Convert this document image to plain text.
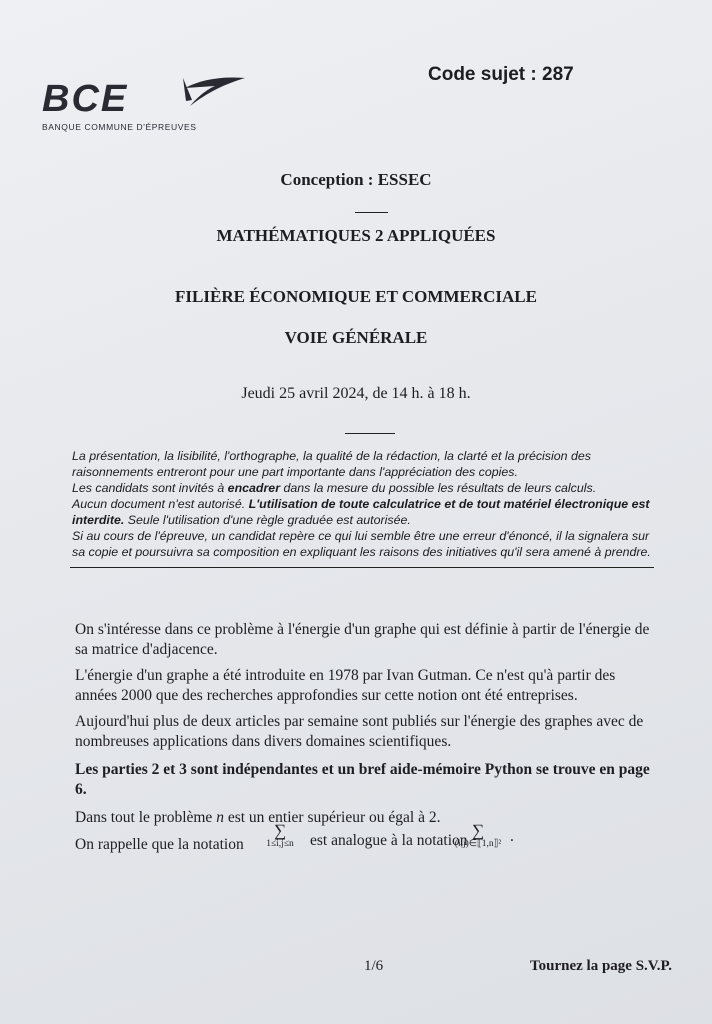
BCE
BANQUE COMMUNE D'ÉPREUVES
Code sujet : 287
Conception : ESSEC
MATHÉMATIQUES 2 APPLIQUÉES
FILIÈRE ÉCONOMIQUE ET COMMERCIALE
VOIE GÉNÉRALE
Jeudi 25 avril 2024, de 14 h. à 18 h.

La présentation, la lisibilité, l'orthographe, la qualité de la rédaction, la clarté et la précision des raisonnements entreront pour une part importante dans l'appréciation des copies.

Les candidats sont invités à encadrer dans la mesure du possible les résultats de leurs calculs.

Aucun document n'est autorisé. L'utilisation de toute calculatrice et de tout matériel électronique est interdite. Seule l'utilisation d'une règle graduée est autorisée.

Si au cours de l'épreuve, un candidat repère ce qui lui semble être une erreur d'énoncé, il la signalera sur sa copie et poursuivra sa composition en expliquant les raisons des initiatives qu'il sera amené à prendre.

On s'intéresse dans ce problème à l'énergie d'un graphe qui est définie à partir de l'énergie de sa matrice d'adjacence.

L'énergie d'un graphe a été introduite en 1978 par Ivan Gutman. Ce n'est qu'à partir des années 2000 que des recherches approfondies sur cette notion ont été entreprises.

Aujourd'hui plus de deux articles par semaine sont publiés sur l'énergie des graphes avec de nombreuses applications dans divers domaines scientifiques.

Les parties 2 et 3 sont indépendantes et un bref aide-mémoire Python se trouve en page 6.

Dans tout le problème n est un entier supérieur ou égal à 2.

On rappelle que la notation
∑
1≤i,j≤n	est analogue à la notation
∑
(i,j)∈⟦1,n⟧² .
1/6	Tournez la page S.V.P.
